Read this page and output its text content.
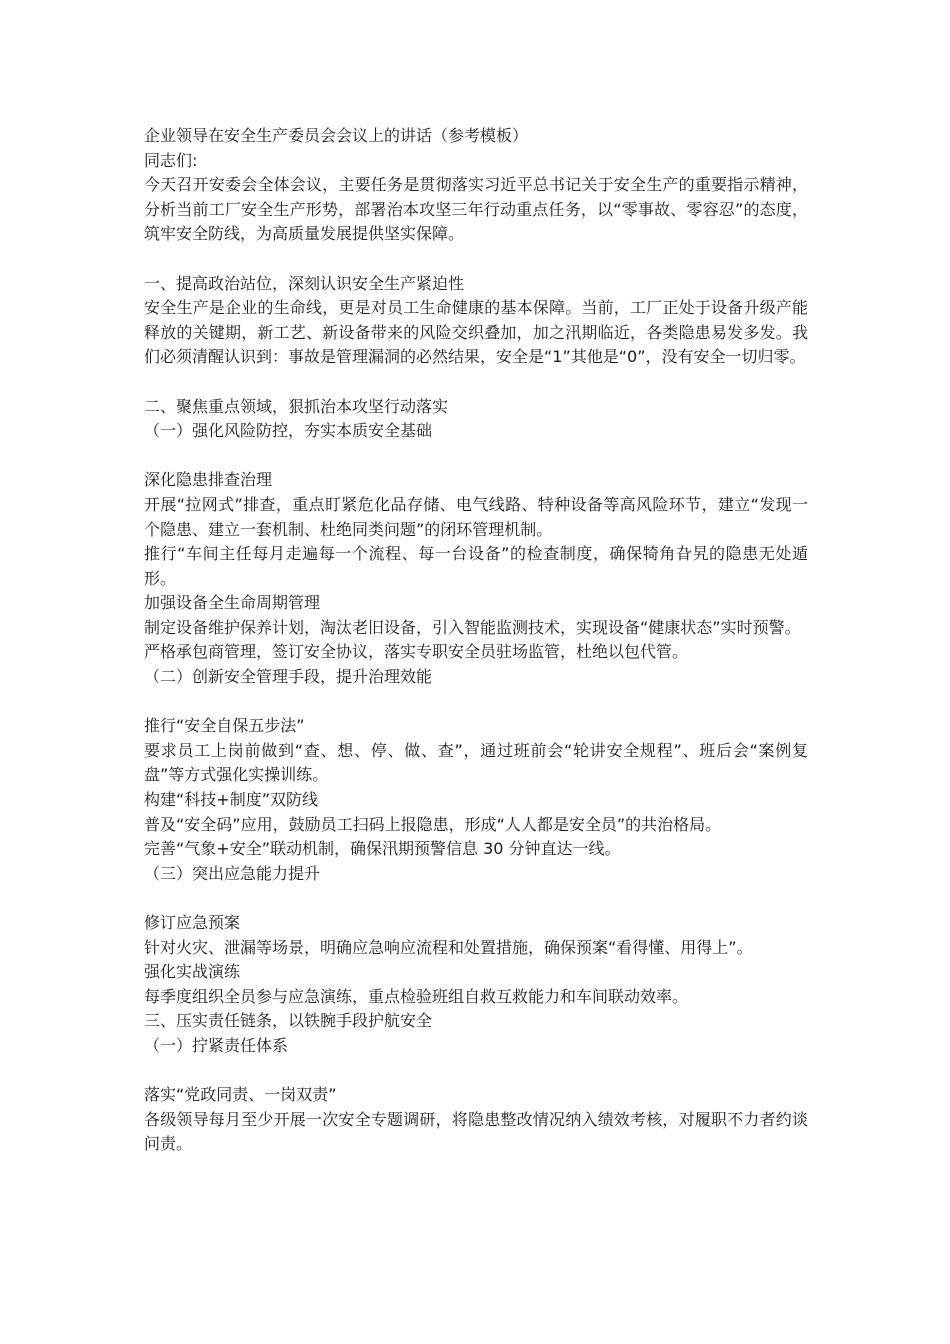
企业领导在安全生产委员会会议上的讲话（参考模板）

同志们:

今天召开安委会全体会议，主要任务是贯彻落实习近平总书记关于安全生产的重要指示精神，分析当前工厂安全生产形势，部署治本攻坚三年行动重点任务，以“零事故、零容忍”的态度，筑牢安全防线，为高质量发展提供坚实保障。

一、提高政治站位，深刻认识安全生产紧迫性

安全生产是企业的生命线，更是对员工生命健康的基本保障。当前，工厂正处于设备升级产能释放的关键期，新工艺、新设备带来的风险交织叠加，加之汛期临近，各类隐患易发多发。我们必须清醒认识到：事故是管理漏洞的必然结果，安全是“1”其他是“0”，没有安全一切归零。

二、聚焦重点领域，狠抓治本攻坚行动落实

（一）强化风险防控，夯实本质安全基础

深化隐患排查治理

开展“拉网式”排查，重点盯紧危化品存储、电气线路、特种设备等高风险环节，建立“发现一个隐患、建立一套机制、杜绝同类问题”的闭环管理机制。

推行“车间主任每月走遍每一个流程、每一台设备”的检查制度，确保犄角旮旯的隐患无处遁形。

加强设备全生命周期管理

制定设备维护保养计划，淘汰老旧设备，引入智能监测技术，实现设备“健康状态”实时预警。

严格承包商管理，签订安全协议，落实专职安全员驻场监管，杜绝以包代管。

（二）创新安全管理手段，提升治理效能

推行“安全自保五步法”

要求员工上岗前做到“查、想、停、做、查”，通过班前会“轮讲安全规程”、班后会“案例复盘”等方式强化实操训练。

构建“科技+制度”双防线

普及“安全码”应用，鼓励员工扫码上报隐患，形成“人人都是安全员”的共治格局。

完善“气象+安全”联动机制，确保汛期预警信息 30 分钟直达一线。

（三）突出应急能力提升

修订应急预案

针对火灾、泄漏等场景，明确应急响应流程和处置措施，确保预案“看得懂、用得上”。

强化实战演练

每季度组织全员参与应急演练，重点检验班组自救互救能力和车间联动效率。

三、压实责任链条，以铁腕手段护航安全

（一）拧紧责任体系

落实“党政同责、一岗双责”

各级领导每月至少开展一次安全专题调研，将隐患整改情况纳入绩效考核，对履职不力者约谈问责。
